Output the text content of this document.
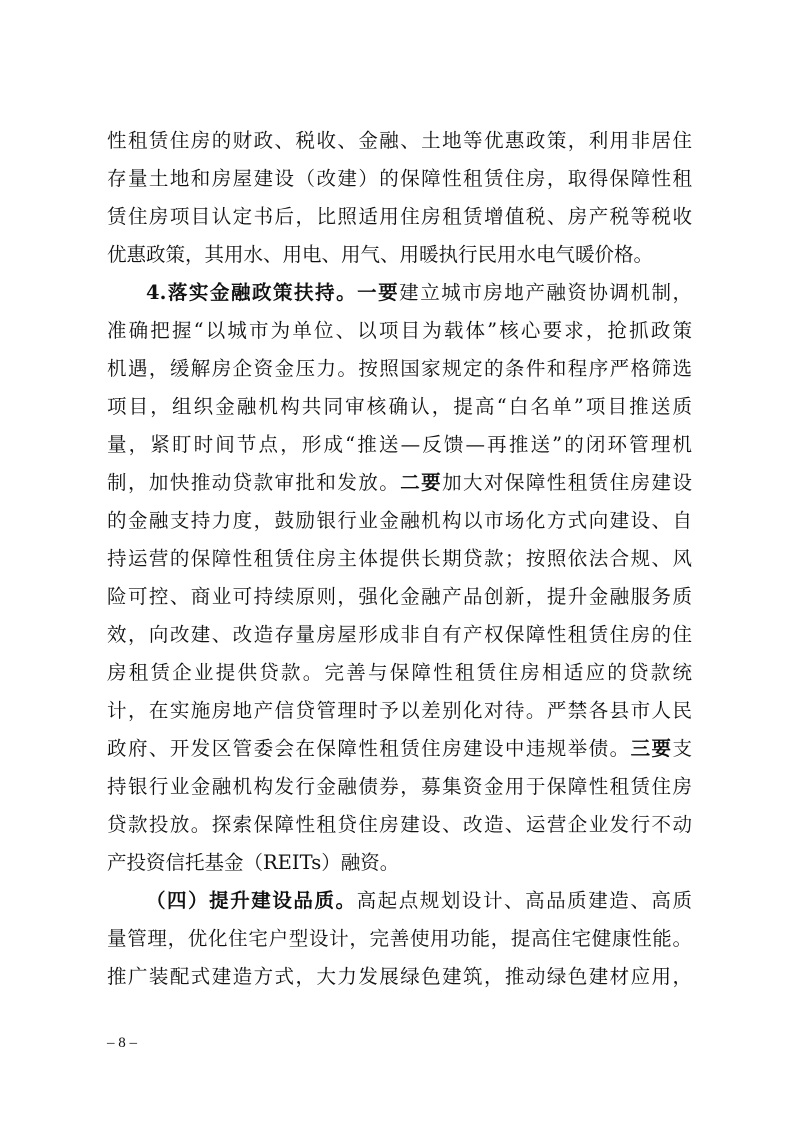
性租赁住房的财政、税收、金融、土地等优惠政策，利用非居住
存量土地和房屋建设（改建）的保障性租赁住房，取得保障性租
赁住房项目认定书后，比照适用住房租赁增值税、房产税等税收
优惠政策，其用水、用电、用气、用暖执行民用水电气暖价格。
4.落实金融政策扶持。一要建立城市房地产融资协调机制，
准确把握“以城市为单位、以项目为载体”核心要求，抢抓政策
机遇，缓解房企资金压力。按照国家规定的条件和程序严格筛选
项目，组织金融机构共同审核确认，提高“白名单”项目推送质
量，紧盯时间节点，形成“推送—反馈—再推送”的闭环管理机
制，加快推动贷款审批和发放。二要加大对保障性租赁住房建设
的金融支持力度，鼓励银行业金融机构以市场化方式向建设、自
持运营的保障性租赁住房主体提供长期贷款；按照依法合规、风
险可控、商业可持续原则，强化金融产品创新，提升金融服务质
效，向改建、改造存量房屋形成非自有产权保障性租赁住房的住
房租赁企业提供贷款。完善与保障性租赁住房相适应的贷款统
计，在实施房地产信贷管理时予以差别化对待。严禁各县市人民
政府、开发区管委会在保障性租赁住房建设中违规举债。三要支
持银行业金融机构发行金融债券，募集资金用于保障性租赁住房
贷款投放。探索保障性租贷住房建设、改造、运营企业发行不动
产投资信托基金（REITs）融资。
（四）提升建设品质。高起点规划设计、高品质建造、高质
量管理，优化住宅户型设计，完善使用功能，提高住宅健康性能。
推广装配式建造方式，大力发展绿色建筑，推动绿色建材应用，
– 8 –
